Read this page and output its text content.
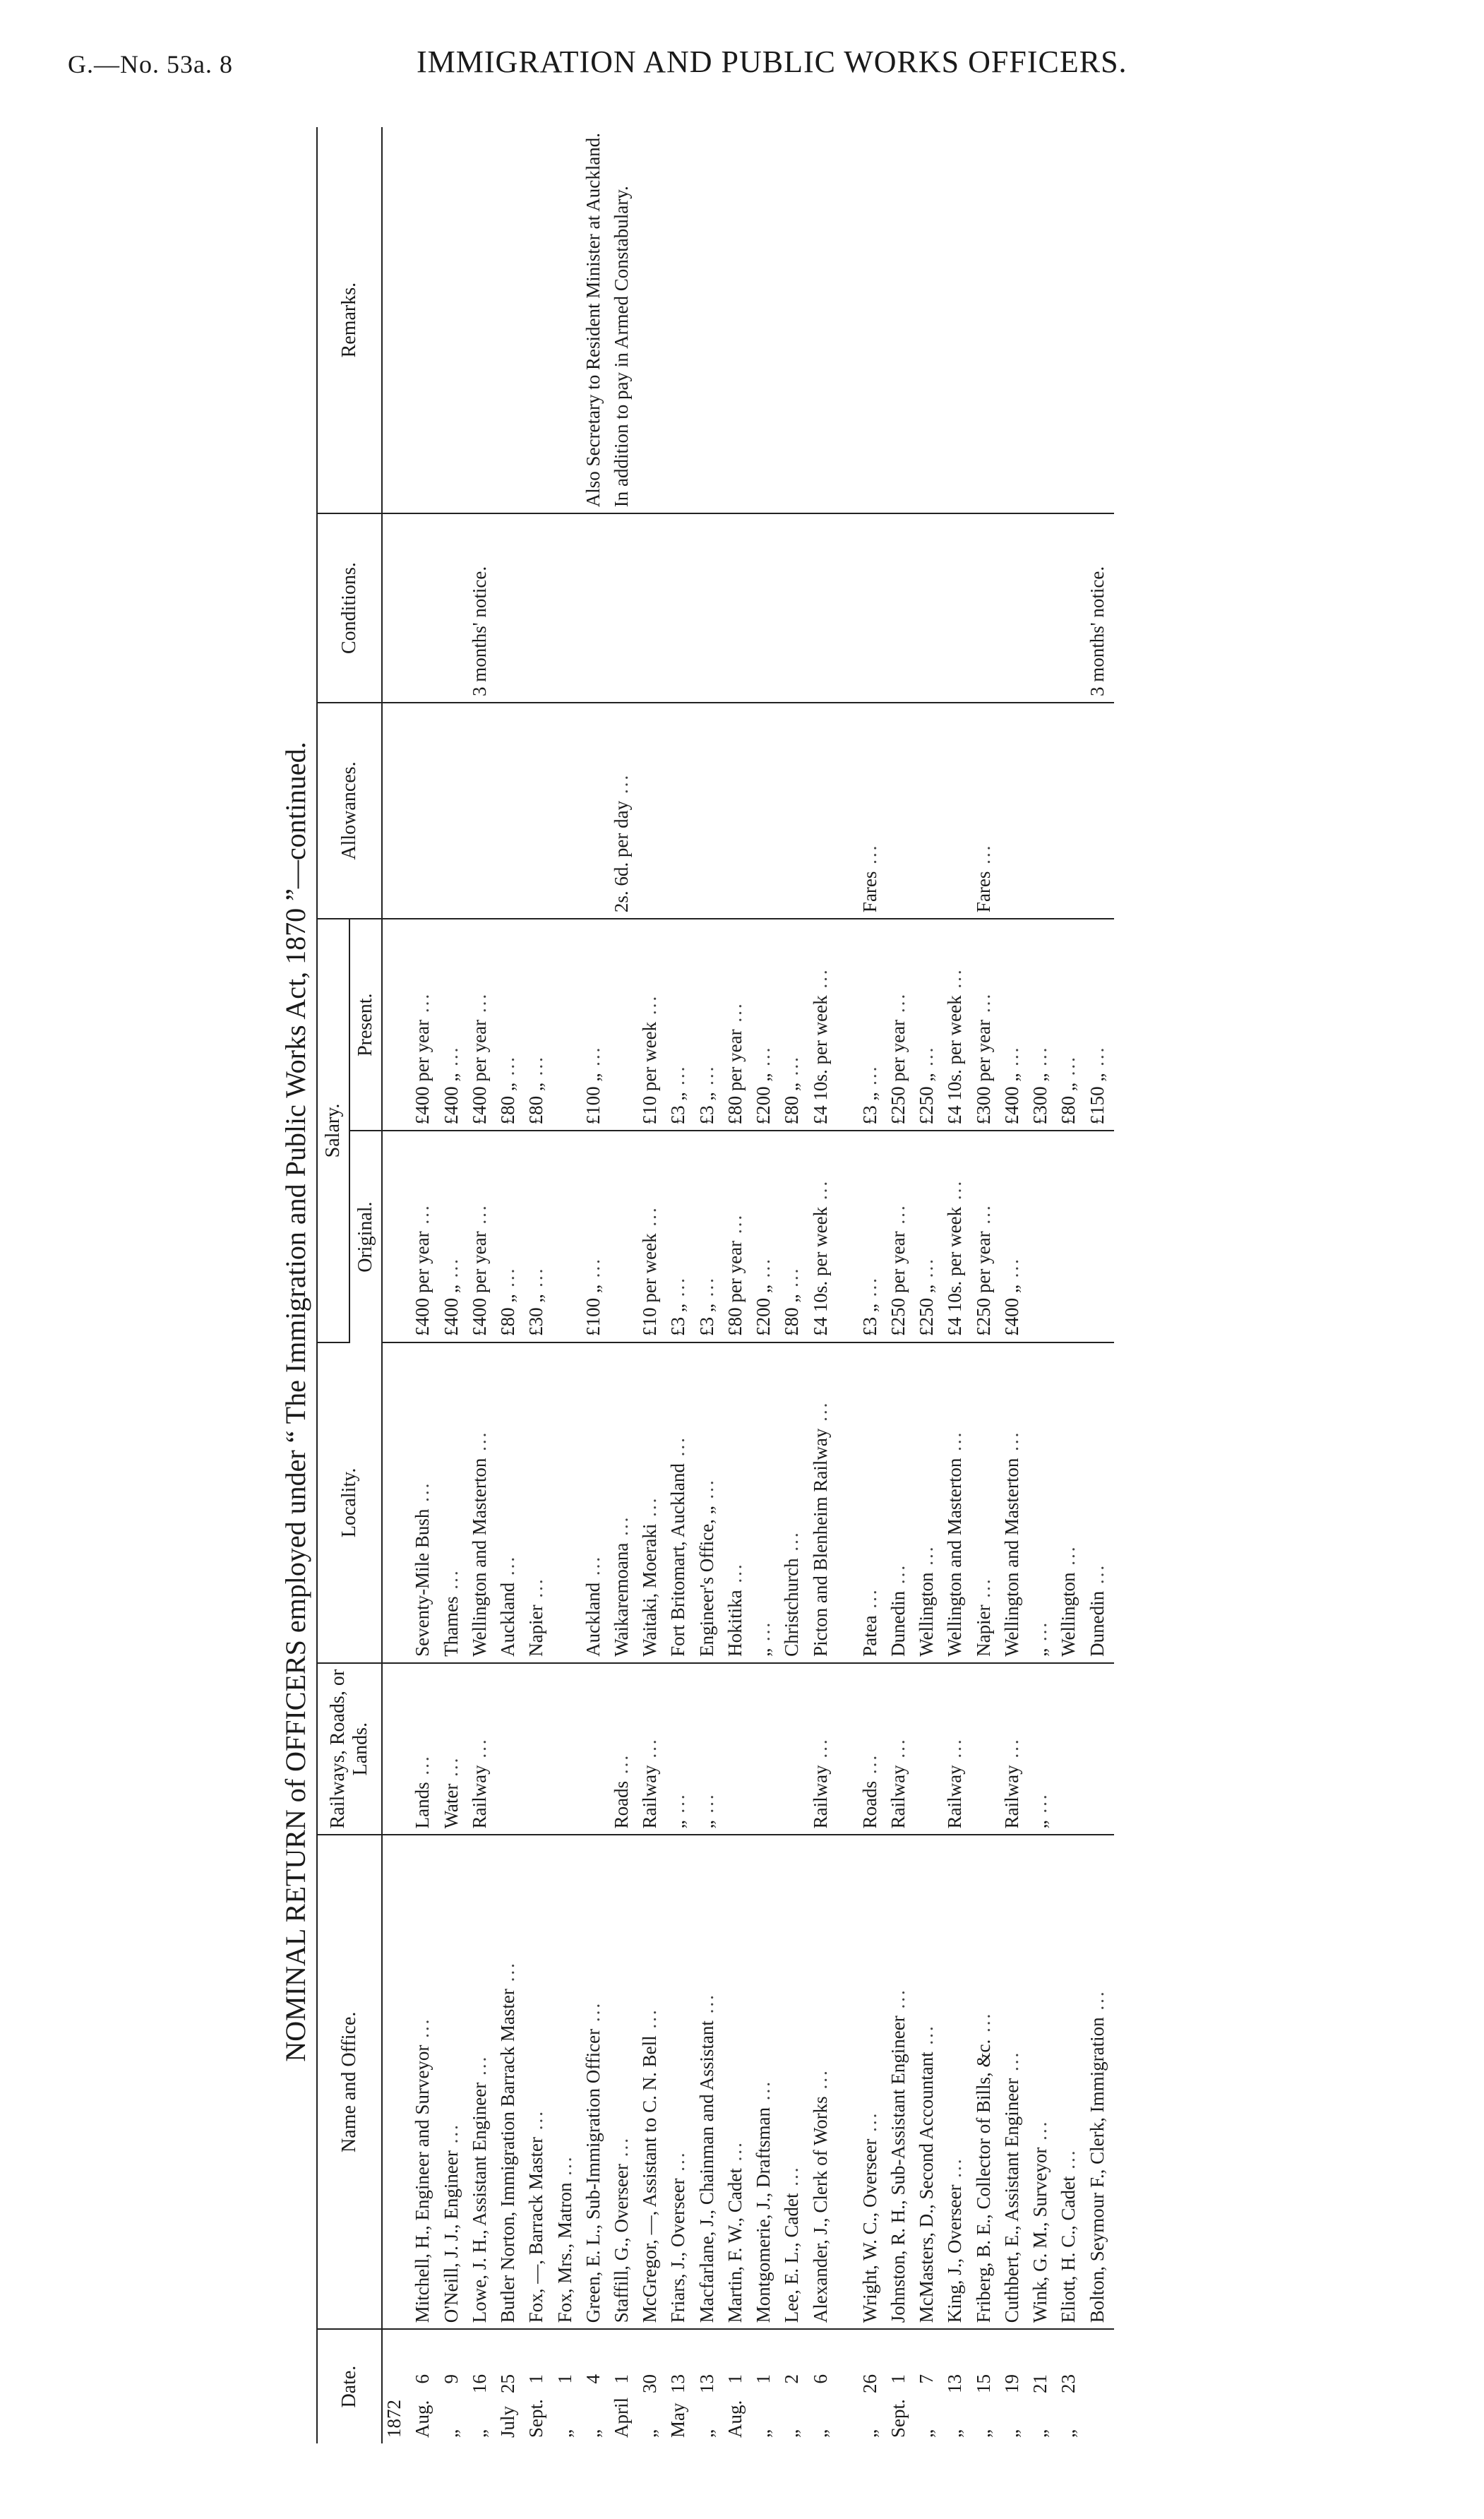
G.—No. 53a. 8	IMMIGRATION AND PUBLIC WORKS OFFICERS.
NOMINAL RETURN of OFFICERS employed under “ The Immigration and Public Works Act, 1870 ”—continued.
Date.	Name and Office.	Railways, Roads, or Lands.	Locality.	Salary.		Allowances.	Conditions.	Remarks.
				Original.	Present.			
1872								
Aug.6	Mitchell, H., Engineer and Surveyor ...	Lands ...	Seventy-Mile Bush ...	£400 per year ...	£400 per year ...			
„9	O'Neill, J. J., Engineer ...	Water ...	Thames ...	£400 „ ...	£400 „ ...			
„16	Lowe, J. H., Assistant Engineer ...	Railway ...	Wellington and Masterton ...	£400 per year ...	£400 per year ...		3 months' notice.	
July25	Butler Norton, Immigration Barrack Master ...		Auckland ...	£80 „ ...	£80 „ ...			
Sept.1	Fox, —, Barrack Master ...		Napier ...	£30 „ ...	£80 „ ...			
„1	Fox, Mrs., Matron ...							
„4	Green, E. L., Sub-Immigration Officer ...		Auckland ...	£100 „ ...	£100 „ ...			Also Secretary to Resident Minister at Auckland.
April1	Staffill, G., Overseer ...	Roads ...	Waikaremoana ...			2s. 6d. per day ...		In addition to pay in Armed Constabulary.
„30	McGregor, —, Assistant to C. N. Bell ...	Railway ...	Waitaki, Moeraki ...	£10 per week ...	£10 per week ...			
May13	Friars, J., Overseer ...	„ ...	Fort Britomart, Auckland ...	£3 „ ...	£3 „ ...			
„13	Macfarlane, J., Chainman and Assistant ...	„ ...	Engineer's Office, „ ...	£3 „ ...	£3 „ ...			
Aug.1	Martin, F. W., Cadet ...		Hokitika ...	£80 per year ...	£80 per year ...			
„1	Montgomerie, J., Draftsman ...		„ ...	£200 „ ...	£200 „ ...			
„2	Lee, E. L., Cadet ...		Christchurch ...	£80 „ ...	£80 „ ...			
„6	Alexander, J., Clerk of Works ...	Railway ...	Picton and Blenheim Railway ...	£4 10s. per week ...	£4 10s. per week ...			

„26	Wright, W. C., Overseer ...	Roads ...	Patea ...	£3 „ ...	£3 „ ...	Fares ...		
Sept.1	Johnston, R. H., Sub-Assistant Engineer ...	Railway ...	Dunedin ...	£250 per year ...	£250 per year ...			
„7	McMasters, D., Second Accountant ...		Wellington ...	£250 „ ...	£250 „ ...			
„13	King, J., Overseer ...	Railway ...	Wellington and Masterton ...	£4 10s. per week ...	£4 10s. per week ...			
„15	Friberg, B. E., Collector of Bills, &c. ...		Napier ...	£250 per year ...	£300 per year ...	Fares ...		
„19	Cuthbert, E., Assistant Engineer ...	Railway ...	Wellington and Masterton ...	£400 „ ...	£400 „ ...			
„21	Wink, G. M., Surveyor ...	„ ...	„ ...		£300 „ ...			
„23	Eliott, H. C., Cadet ...		Wellington ...		£80 „ ...			
	Bolton, Seymour F., Clerk, Immigration ...		Dunedin ...		£150 „ ...		3 months' notice.	
